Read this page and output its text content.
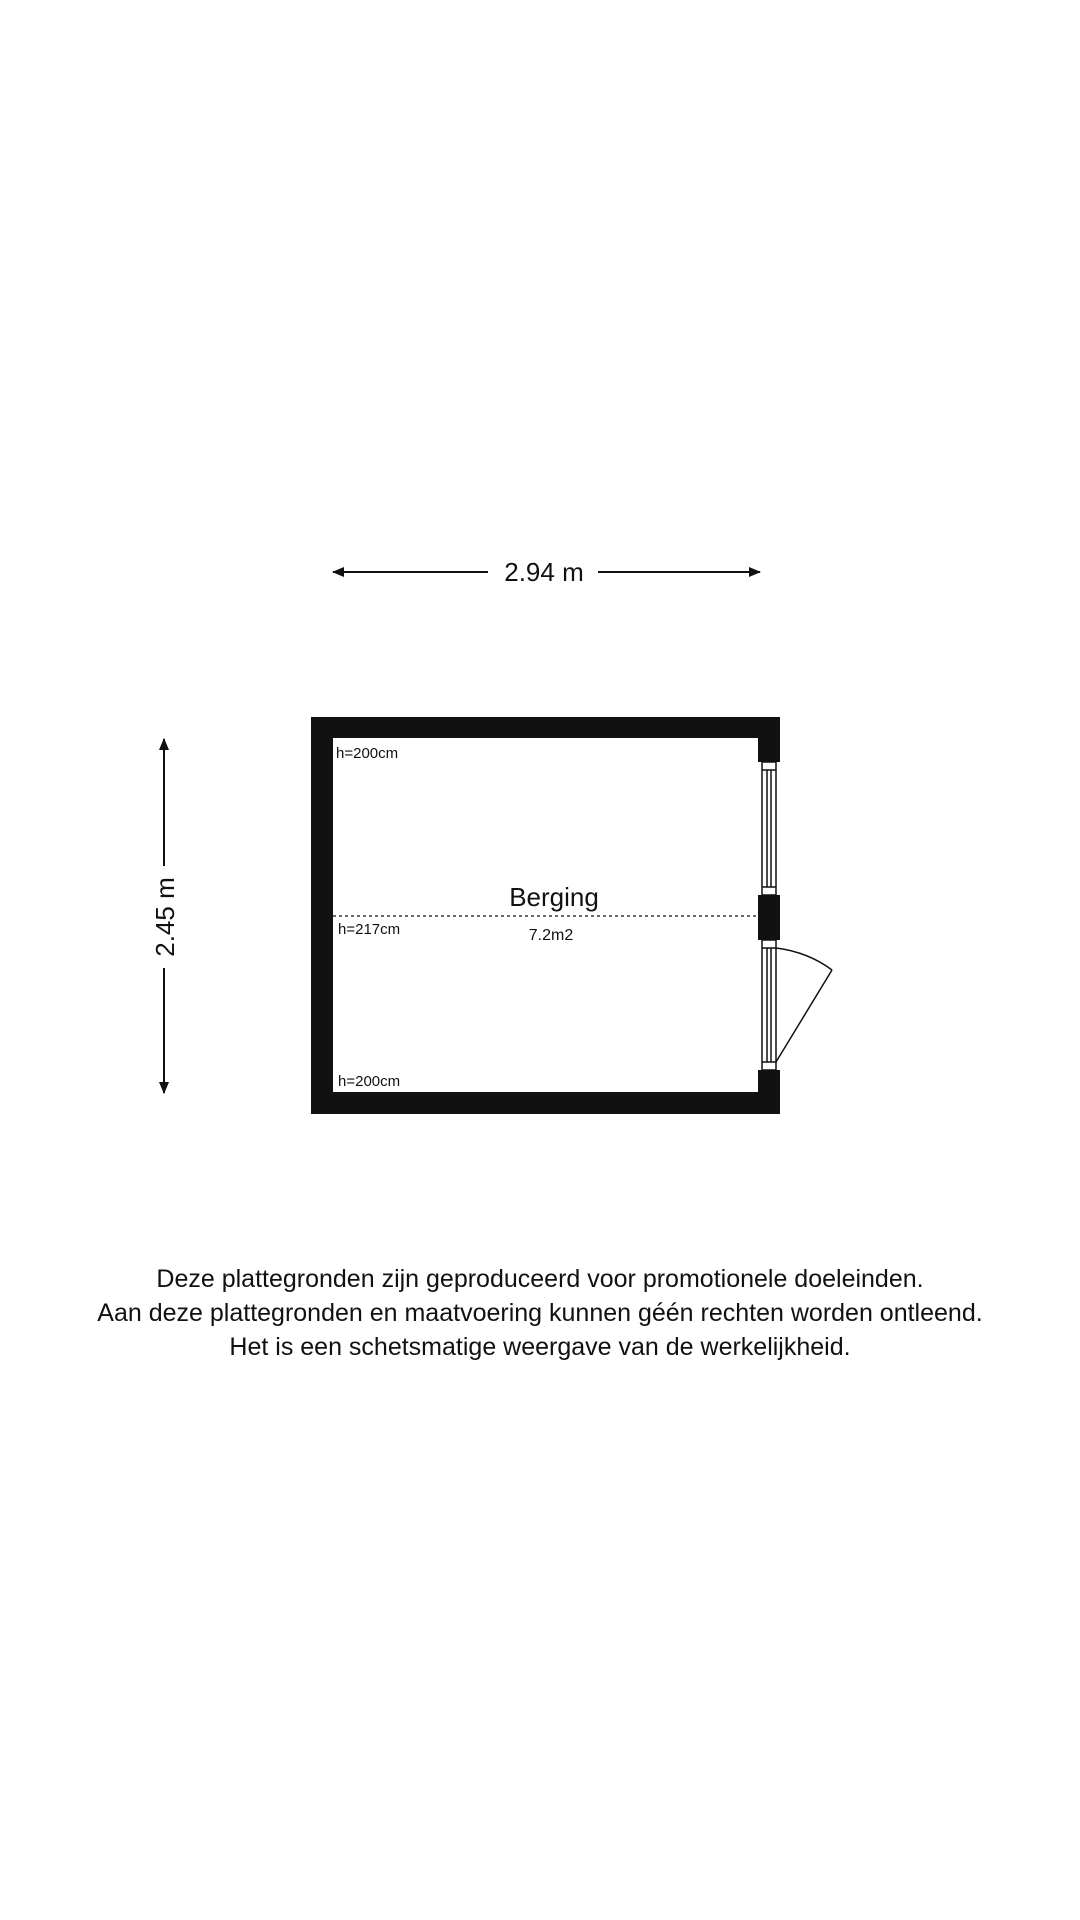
2.94 m
2.45 m	Berging
7.2m2
h=200cm
h=217cm
h=200cm
Deze plattegronden zijn geproduceerd voor promotionele doeleinden.
Aan deze plattegronden en maatvoering kunnen géén rechten worden ontleend.
Het is een schetsmatige weergave van de werkelijkheid.
